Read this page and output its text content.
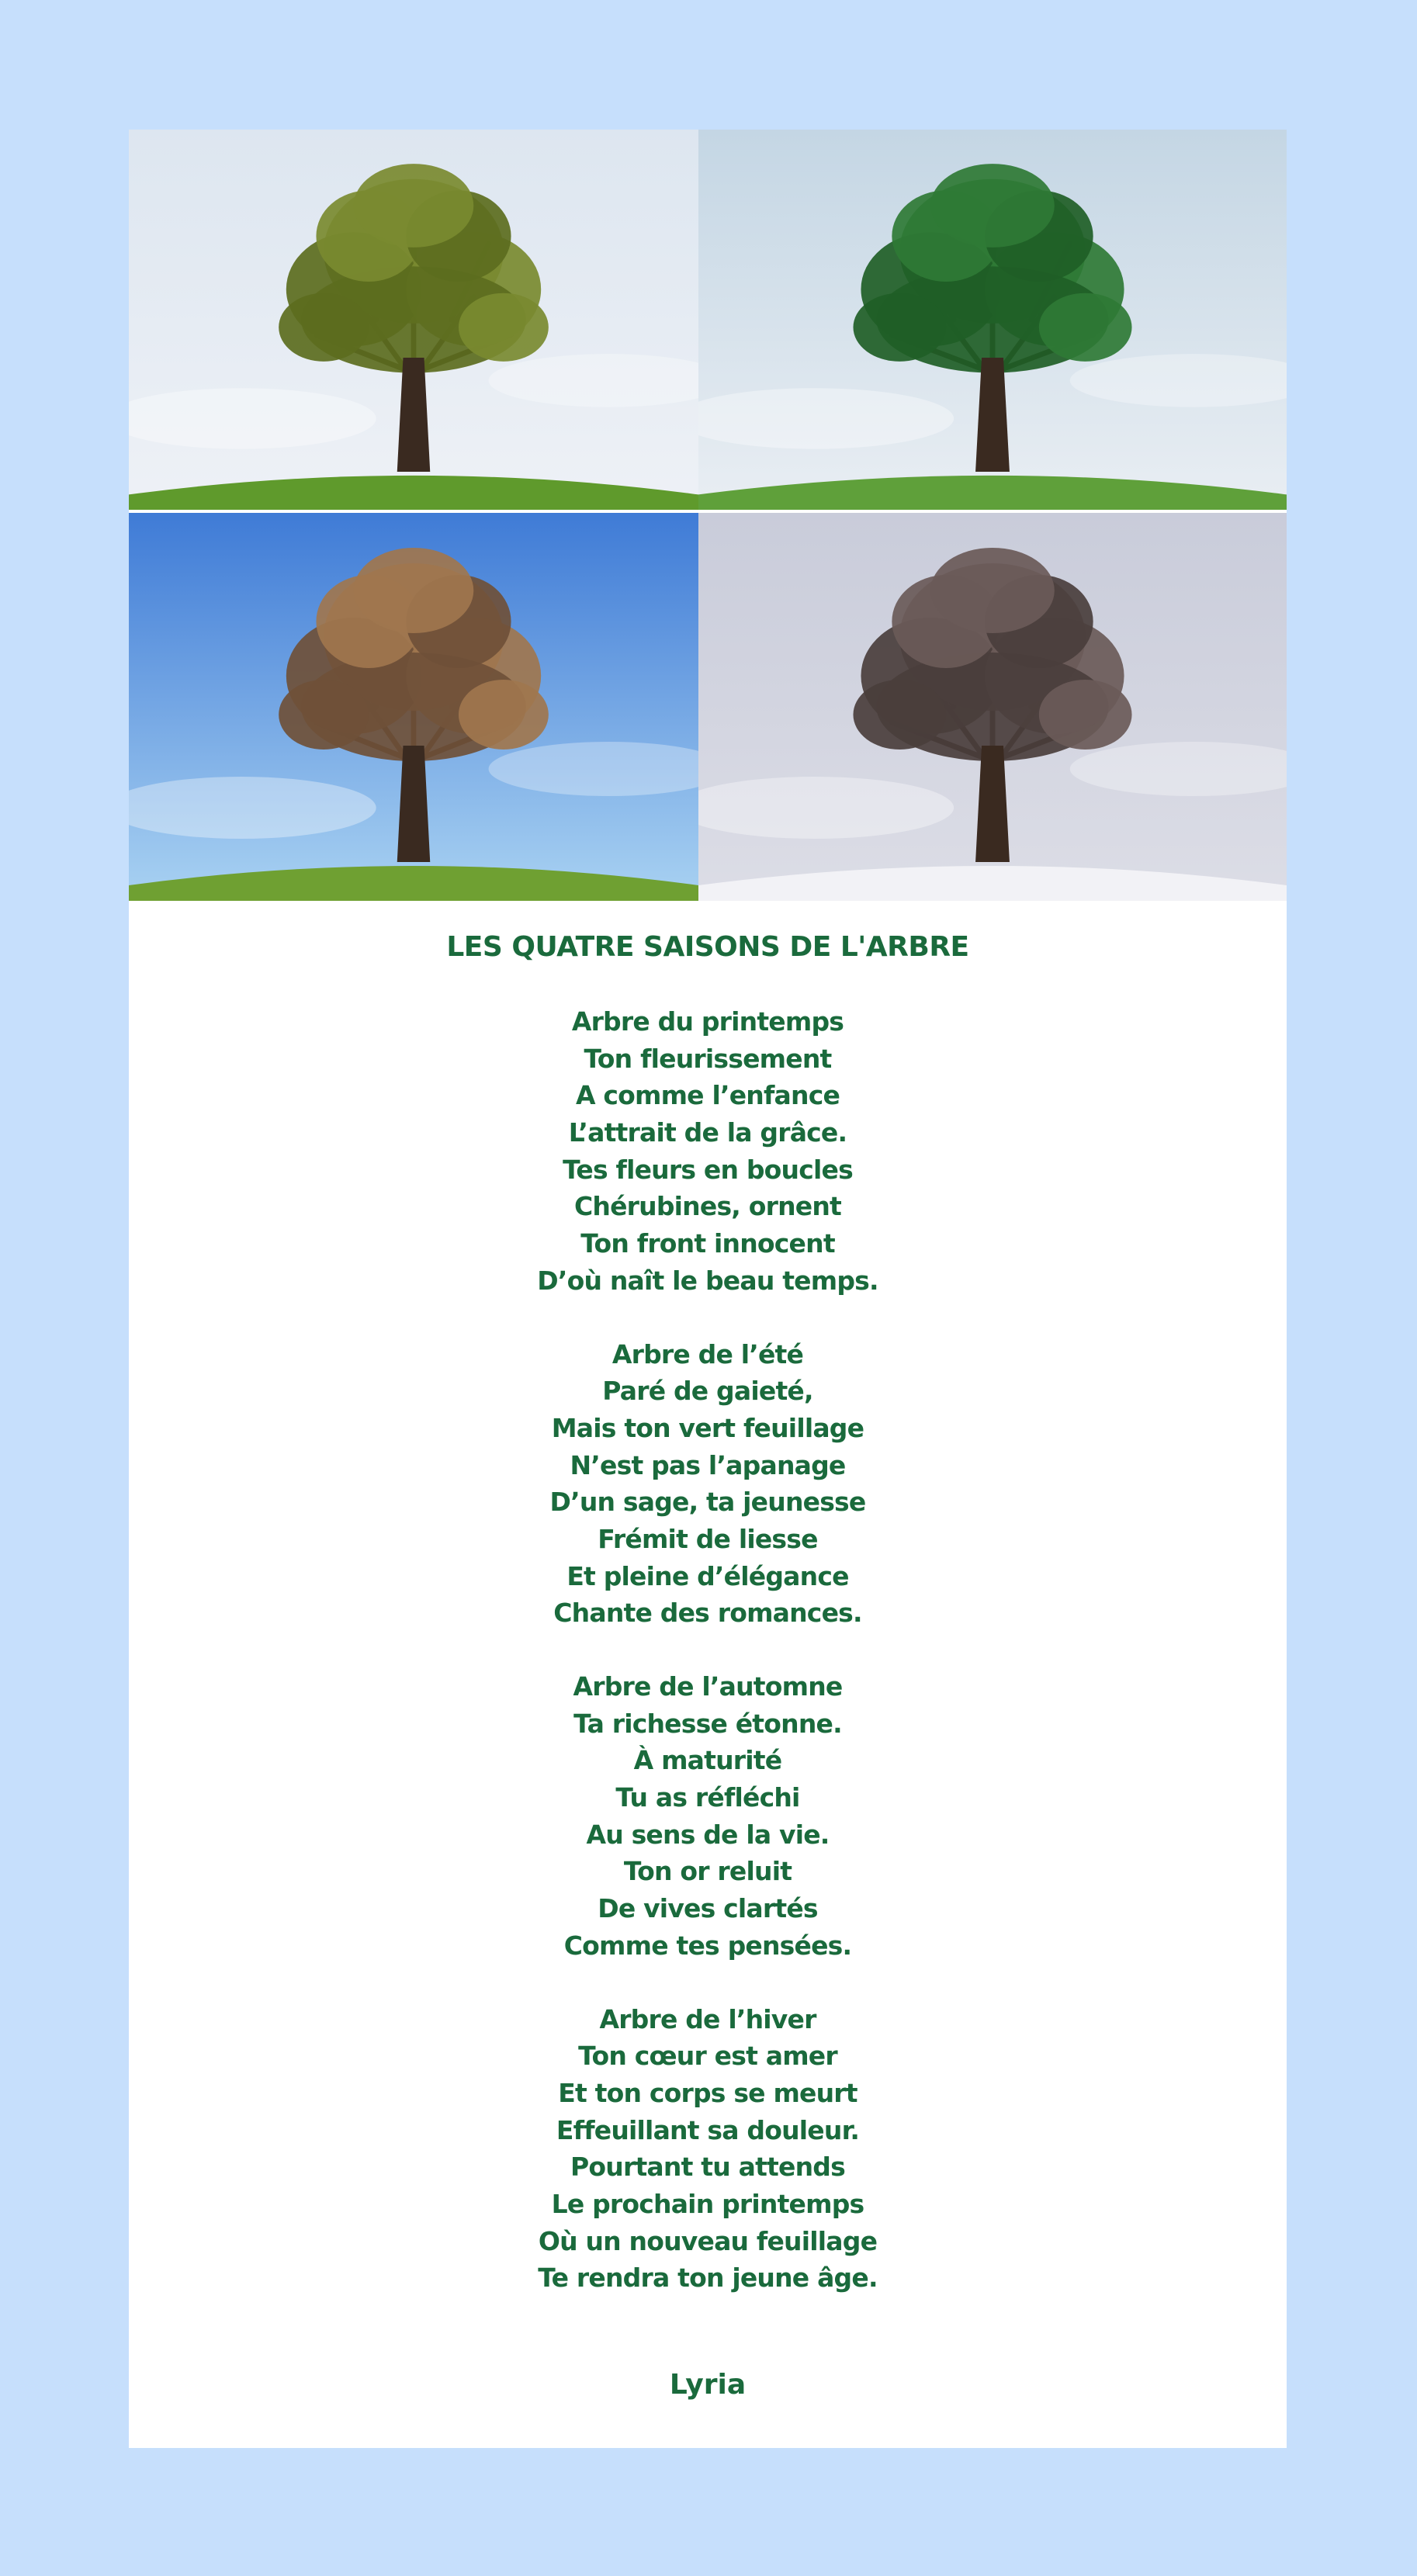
LES QUATRE SAISONS DE L'ARBRE
Arbre du printemps
Ton fleurissement
A comme l’enfance
L’attrait de la grâce.
Tes fleurs en boucles
Chérubines, ornent
Ton front innocent
D’où naît le beau temps.
Arbre de l’été
Paré de gaieté,
Mais ton vert feuillage
N’est pas l’apanage
D’un sage, ta jeunesse
Frémit de liesse
Et pleine d’élégance
Chante des romances.
Arbre de l’automne
Ta richesse étonne.
À maturité
Tu as réfléchi
Au sens de la vie.
Ton or reluit
De vives clartés
Comme tes pensées.
Arbre de l’hiver
Ton cœur est amer
Et ton corps se meurt
Effeuillant sa douleur.
Pourtant tu attends
Le prochain printemps
Où un nouveau feuillage
Te rendra ton jeune âge.
Lyria
